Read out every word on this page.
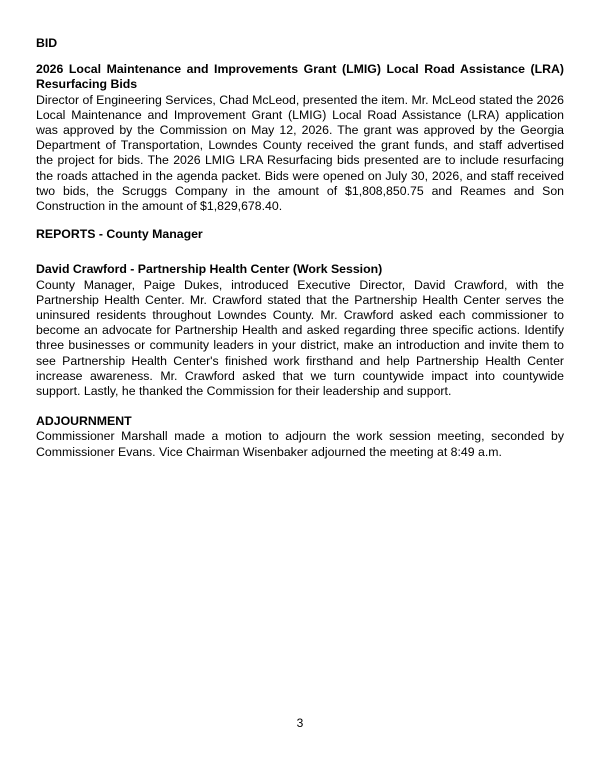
BID

2026 Local Maintenance and Improvements Grant (LMIG) Local Road Assistance (LRA) Resurfacing Bids

Director of Engineering Services, Chad McLeod, presented the item. Mr. McLeod stated the 2026 Local Maintenance and Improvement Grant (LMIG) Local Road Assistance (LRA) application was approved by the Commission on May 12, 2026. The grant was approved by the Georgia Department of Transportation, Lowndes County received the grant funds, and staff advertised the project for bids. The 2026 LMIG LRA Resurfacing bids presented are to include resurfacing the roads attached in the agenda packet. Bids were opened on July 30, 2026, and staff received two bids, the Scruggs Company in the amount of $1,808,850.75 and Reames and Son Construction in the amount of $1,829,678.40.

REPORTS - County Manager

David Crawford - Partnership Health Center (Work Session)

County Manager, Paige Dukes, introduced Executive Director, David Crawford, with the Partnership Health Center. Mr. Crawford stated that the Partnership Health Center serves the uninsured residents throughout Lowndes County. Mr. Crawford asked each commissioner to become an advocate for Partnership Health and asked regarding three specific actions. Identify three businesses or community leaders in your district, make an introduction and invite them to see Partnership Health Center's finished work firsthand and help Partnership Health Center increase awareness. Mr. Crawford asked that we turn countywide impact into countywide support. Lastly, he thanked the Commission for their leadership and support.

ADJOURNMENT

Commissioner Marshall made a motion to adjourn the work session meeting, seconded by Commissioner Evans. Vice Chairman Wisenbaker adjourned the meeting at 8:49 a.m.

3
